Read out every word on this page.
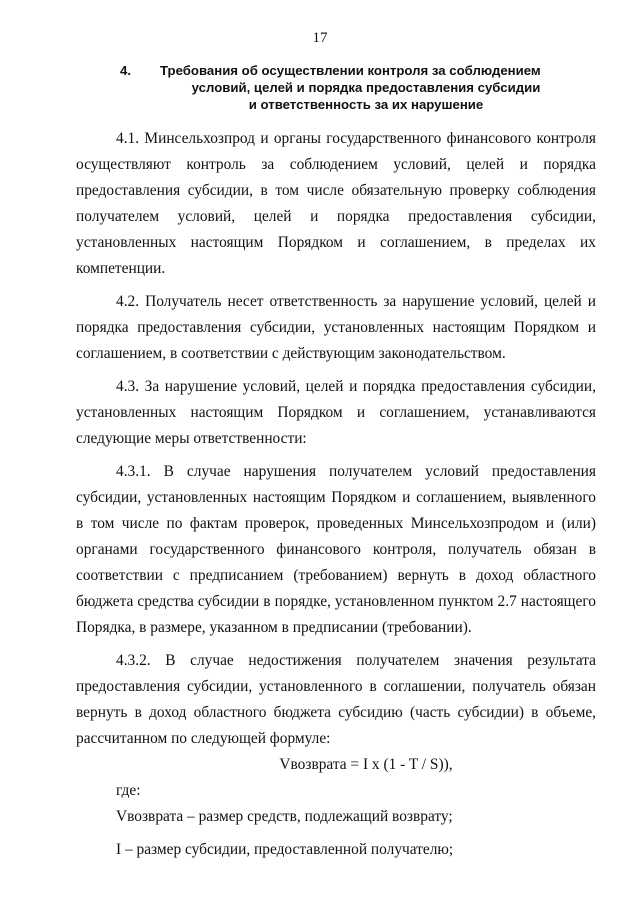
17
4.	Требования об осуществлении контроля за соблюдением
условий, целей и порядка предоставления субсидии
и ответственность за их нарушение

4.1. Минсельхозпрод и органы государственного финансового контроля осуществляют контроль за соблюдением условий, целей и порядка предоставления субсидии, в том числе обязательную проверку соблюдения получателем условий, целей и порядка предоставления субсидии, установленных настоящим Порядком и соглашением, в пределах их компетенции.

4.2. Получатель несет ответственность за нарушение условий, целей и порядка предоставления субсидии, установленных настоящим Порядком и соглашением, в соответствии с действующим законодательством.

4.3. За нарушение условий, целей и порядка предоставления субсидии, установленных настоящим Порядком и соглашением, устанавливаются следующие меры ответственности:

4.3.1. В случае нарушения получателем условий предоставления субсидии, установленных настоящим Порядком и соглашением, выявленного в том числе по фактам проверок, проведенных Минсельхозпродом и (или) органами государственного финансового контроля, получатель обязан в соответствии с предписанием (требованием) вернуть в доход областного бюджета средства субсидии в порядке, установленном пунктом 2.7 настоящего Порядка, в размере, указанном в предписании (требовании).

4.3.2. В случае недостижения получателем значения результата предоставления субсидии, установленного в соглашении, получатель обязан вернуть в доход областного бюджета субсидию (часть субсидии) в объеме, рассчитанном по следующей формуле:

Vвозврата = I x (1 - T / S)),

где:

Vвозврата – размер средств, подлежащий возврату;

I – размер субсидии, предоставленной получателю;
